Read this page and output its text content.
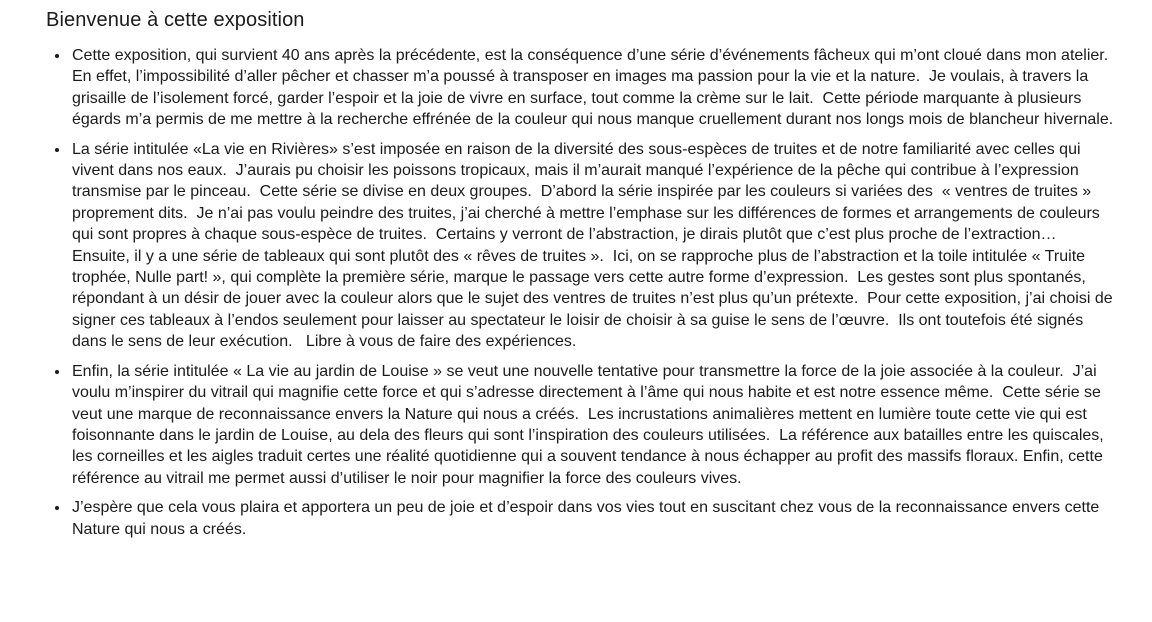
Bienvenue à cette exposition
• Cette exposition, qui survient 40 ans après la précédente, est la conséquence d’une série d’événements fâcheux qui m’ont cloué dans mon atelier.  En effet, l’impossibilité d’aller pêcher et chasser m’a poussé à transposer en images ma passion pour la vie et la nature.  Je voulais, à travers la grisaille de l’isolement forcé, garder l’espoir et la joie de vivre en surface, tout comme la crème sur le lait.  Cette période marquante à plusieurs égards m’a permis de me mettre à la recherche effrénée de la couleur qui nous manque cruellement durant nos longs mois de blancheur hivernale.
• La série intitulée «La vie en Rivières» s’est imposée en raison de la diversité des sous-espèces de truites et de notre familiarité avec celles qui vivent dans nos eaux.  J’aurais pu choisir les poissons tropicaux, mais il m’aurait manqué l’expérience de la pêche qui contribue à l’expression transmise par le pinceau.  Cette série se divise en deux groupes.  D’abord la série inspirée par les couleurs si variées des  « ventres de truites » proprement dits.  Je n’ai pas voulu peindre des truites, j’ai cherché à mettre l’emphase sur les différences de formes et arrangements de couleurs qui sont propres à chaque sous-espèce de truites.  Certains y verront de l’abstraction, je dirais plutôt que c’est plus proche de l’extraction…  Ensuite, il y a une série de tableaux qui sont plutôt des « rêves de truites ».  Ici, on se rapproche plus de l’abstraction et la toile intitulée « Truite trophée, Nulle part! », qui complète la première série, marque le passage vers cette autre forme d’expression.  Les gestes sont plus spontanés, répondant à un désir de jouer avec la couleur alors que le sujet des ventres de truites n’est plus qu’un prétexte.  Pour cette exposition, j’ai choisi de signer ces tableaux à l’endos seulement pour laisser au spectateur le loisir de choisir à sa guise le sens de l’œuvre.  Ils ont toutefois été signés dans le sens de leur exécution.   Libre à vous de faire des expériences.
• Enfin, la série intitulée « La vie au jardin de Louise » se veut une nouvelle tentative pour transmettre la force de la joie associée à la couleur.  J’ai voulu m’inspirer du vitrail qui magnifie cette force et qui s’adresse directement à l’âme qui nous habite et est notre essence même.  Cette série se veut une marque de reconnaissance envers la Nature qui nous a créés.  Les incrustations animalières mettent en lumière toute cette vie qui est foisonnante dans le jardin de Louise, au dela des fleurs qui sont l’inspiration des couleurs utilisées.  La référence aux batailles entre les quiscales, les corneilles et les aigles traduit certes une réalité quotidienne qui a souvent tendance à nous échapper au profit des massifs floraux. Enfin, cette référence au vitrail me permet aussi d’utiliser le noir pour magnifier la force des couleurs vives.
• J’espère que cela vous plaira et apportera un peu de joie et d’espoir dans vos vies tout en suscitant chez vous de la reconnaissance envers cette Nature qui nous a créés.
